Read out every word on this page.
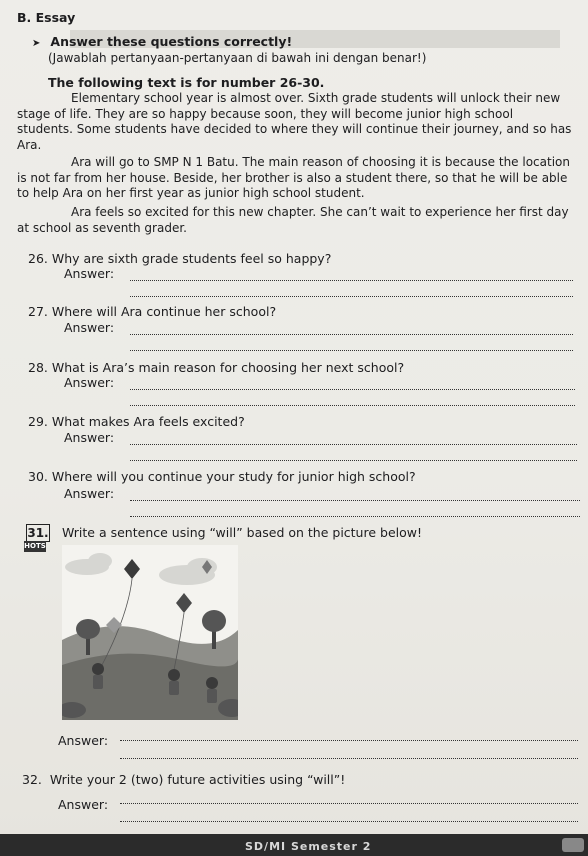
B. Essay
➤ Answer these questions correctly!
(Jawablah pertanyaan-pertanyaan di bawah ini dengan benar!)
The following text is for number 26-30.
Elementary school year is almost over. Sixth grade students will unlock their new stage of life. They are so happy because soon, they will become junior high school students. Some students have decided to where they will continue their journey, and so has Ara.
Ara will go to SMP N 1 Batu. The main reason of choosing it is because the location is not far from her house. Beside, her brother is also a student there, so that he will be able to help Ara on her first year as junior high school student.
Ara feels so excited for this new chapter. She can’t wait to experience her first day at school as seventh grader.
26. Why are sixth grade students feel so happy?
Answer:
27. Where will Ara continue her school?
Answer:
28. What is Ara’s main reason for choosing her next school?
Answer:
29. What makes Ara feels excited?
Answer:
30. Where will you continue your study for junior high school?
Answer:
31.
HOTS
Write a sentence using “will” based on the picture below!
Answer:
32. Write your 2 (two) future activities using “will”!
Answer:
SD/MI Semester 2
